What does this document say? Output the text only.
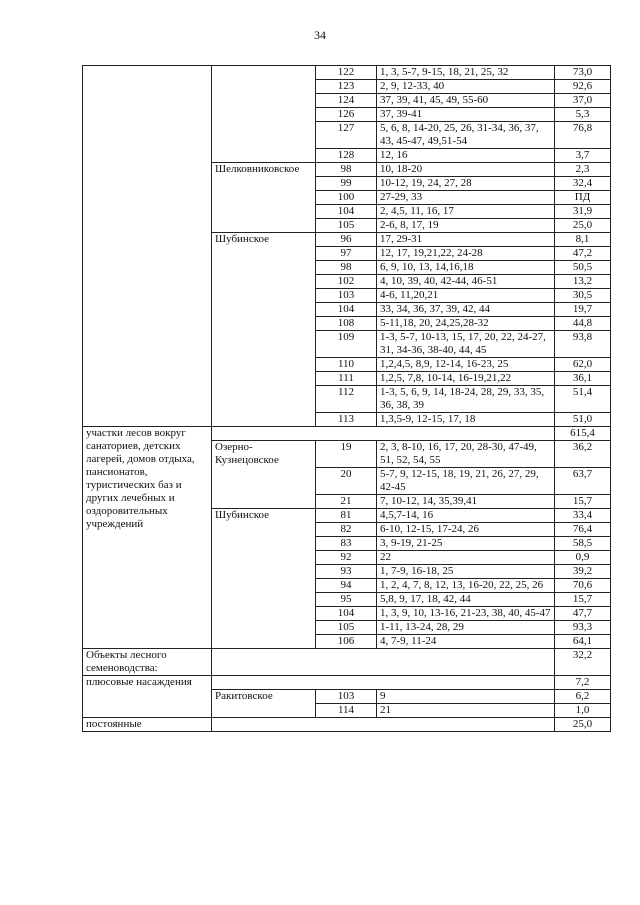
34
		122	1, 3, 5-7, 9-15, 18, 21, 25, 32	73,0
		123	2, 9, 12-33, 40	92,6
		124	37, 39, 41, 45, 49, 55-60	37,0
		126	37, 39-41	5,3
		127	5, 6, 8, 14-20, 25, 26, 31-34, 36, 37, 43, 45-47, 49,51-54	76,8
		128	12, 16	3,7
	Шелковниковское	98	10, 18-20	2,3
		99	10-12, 19, 24, 27, 28	32,4
		100	27-29, 33	ПД
		104	2, 4,5, 11, 16, 17	31,9
		105	2-6, 8, 17, 19	25,0
	Шубинское	96	17, 29-31	8,1
		97	12, 17, 19,21,22, 24-28	47,2
		98	6, 9, 10, 13, 14,16,18	50,5
		102	4, 10, 39, 40, 42-44, 46-51	13,2
		103	4-6, 11,20,21	30,5
		104	33, 34, 36, 37, 39, 42, 44	19,7
		108	5-11,18, 20, 24,25,28-32	44,8
		109	1-3, 5-7, 10-13, 15, 17, 20, 22, 24-27, 31, 34-36, 38-40, 44, 45	93,8
		110	1,2,4,5, 8,9, 12-14, 16-23, 25	62,0
		111	1,2,5, 7,8, 10-14, 16-19,21,22	36,1
		112	1-3, 5, 6, 9, 14, 18-24, 28, 29, 33, 35, 36, 38, 39	51,4
		113	1,3,5-9, 12-15, 17, 18	51,0
участки лесов вокруг санаториев, детских лагерей, домов отдыха, пансионатов, туристических баз и других лечебных и оздоровительных учреждений				615,4
	Озерно-Кузнецовское	19	2, 3, 8-10, 16, 17, 20, 28-30, 47-49, 51, 52, 54, 55	36,2
		20	5-7, 9, 12-15, 18, 19, 21, 26, 27, 29, 42-45	63,7
		21	7, 10-12, 14, 35,39,41	15,7
	Шубинское	81	4,5,7-14, 16	33,4
		82	6-10, 12-15, 17-24, 26	76,4
		83	3, 9-19, 21-25	58,5
		92	22	0,9
		93	1, 7-9, 16-18, 25	39,2
		94	1, 2, 4, 7, 8, 12, 13, 16-20, 22, 25, 26	70,6
		95	5,8, 9, 17, 18, 42, 44	15,7
		104	1, 3, 9, 10, 13-16, 21-23, 38, 40, 45-47	47,7
		105	1-11, 13-24, 28, 29	93,3
		106	4, 7-9, 11-24	64,1
Объекты лесного семеноводства:				32,2
плюсовые насаждения				7,2
	Ракитовское	103	9	6,2
		114	21	1,0
постоянные				25,0
